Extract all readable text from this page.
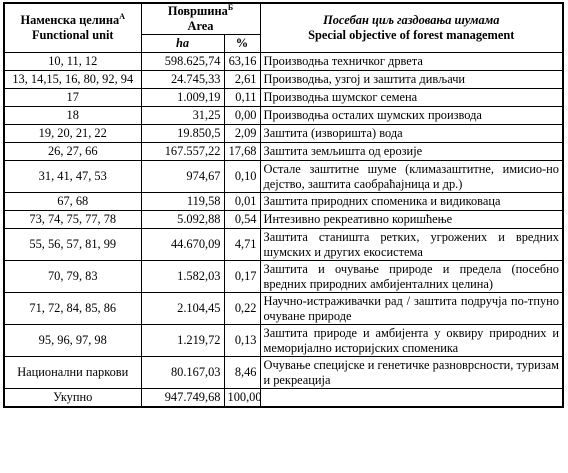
Наменска целина$^А$
Functional unit	Површина$^Б$
Area		Посебан циљ газдовања шумама
Special objective of forest management
	ha	%	
10, 11, 12	598.625,74	63,16	Производња техничког дрвета
13, 14,15, 16, 80, 92, 94	24.745,33	2,61	Производња, узгој и заштита дивљачи
17	1.009,19	0,11	Производња шумског семена
18	31,25	0,00	Производња осталих шумских производа
19, 20, 21, 22	19.850,5	2,09	Заштита (изворишта) вода
26, 27, 66	167.557,22	17,68	Заштита земљишта од ерозије
31, 41, 47, 53	974,67	0,10	Остале заштитне шуме (климазаштитне, имисио-но дејство, заштита саобраћајница и др.)
67, 68	119,58	0,01	Заштита природних споменика и видиковаца
73, 74, 75, 77, 78	5.092,88	0,54	Интезивно рекреативно коришћење
55, 56, 57, 81, 99	44.670,09	4,71	Заштита станишта ретких, угрожених и вредних шумских и других екосистема
70, 79, 83	1.582,03	0,17	Заштита и очување природе и предела (посебно вредних природних амбијенталних целина)
71, 72, 84, 85, 86	2.104,45	0,22	Научно-истраживачки рад / заштита подручја по-тпуно очуване природе
95, 96, 97, 98	1.219,72	0,13	Заштита природе и амбијента у оквиру природних и меморијално историјских споменика
Национални паркови	80.167,03	8,46	Очување специјске и генетичке разноврсности, туризам и рекреација
Укупно	947.749,68	100,00	
